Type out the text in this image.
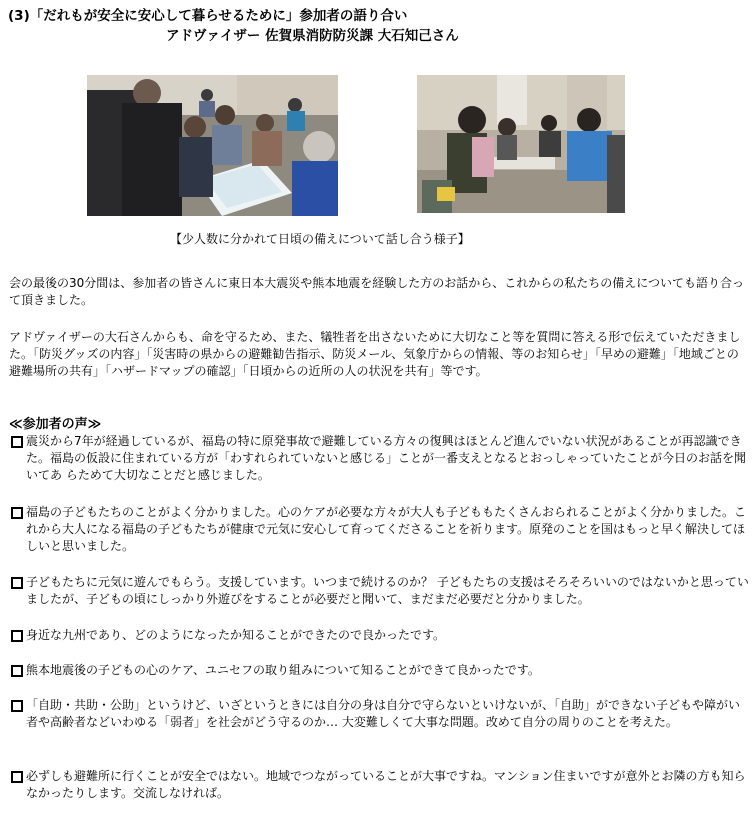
(3)「だれもが安全に安心して暮らせるために」参加者の語り合い
アドヴァイザー 佐賀県消防防災課 大石知己さん
【少人数に分かれて日頃の備えについて話し合う様子】
会の最後の30分間は、参加者の皆さんに東日本大震災や熊本地震を経験した方のお話から、これからの私たちの備えについても語り合って頂きました。
アドヴァイザーの大石さんからも、命を守るため、また、犠牲者を出さないために大切なこと等を質問に答える形で伝えていただきました。「防災グッズの内容」「災害時の県からの避難勧告指示、防災メール、気象庁からの情報、等のお知らせ」「早めの避難」「地域ごとの避難場所の共有」「ハザードマップの確認」「日頃からの近所の人の状況を共有」等です。
≪参加者の声≫
震災から7年が経過しているが、福島の特に原発事故で避難している方々の復興はほとんど進んでいない状況があることが再認識できた。福島の仮設に住まれている方が「わすれられていないと感じる」ことが一番支えとなるとおっしゃっていたことが今日のお話を聞いてあ らためて大切なことだと感じました。
福島の子どもたちのことがよく分かりました。心のケアが必要な方々が大人も子どももたくさんおられることがよく分かりました。これから大人になる福島の子どもたちが健康で元気に安心して育ってくださることを祈ります。原発のことを国はもっと早く解決してほしいと思いました。
子どもたちに元気に遊んでもらう。支援しています。いつまで続けるのか？ 子どもたちの支援はそろそろいいのではないかと思っていましたが、子どもの頃にしっかり外遊びをすることが必要だと聞いて、まだまだ必要だと分かりました。
身近な九州であり、どのようになったか知ることができたので良かったです。
熊本地震後の子どもの心のケア、ユニセフの取り組みについて知ることができて良かったです。
「自助・共助・公助」というけど、いざというときには自分の身は自分で守らないといけないが、「自助」ができない子どもや障がい者や高齢者などいわゆる「弱者」を社会がどう守るのか… 大変難しくて大事な問題。改めて自分の周りのことを考えた。
必ずしも避難所に行くことが安全ではない。地域でつながっていることが大事ですね。マンション住まいですが意外とお隣の方も知らなかったりします。交流しなければ。
